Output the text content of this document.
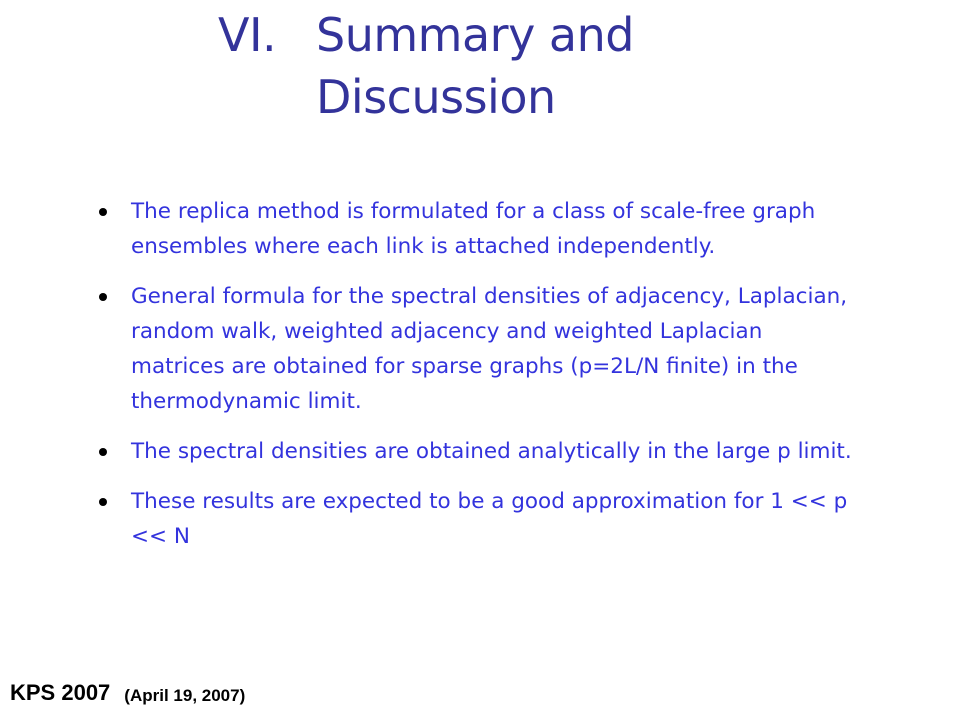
VI. Summary and
Discussion
The replica method is formulated for a class of scale-free graph ensembles where each link is attached independently.
General formula for the spectral densities of adjacency, Laplacian, random walk, weighted adjacency and weighted Laplacian matrices are obtained for sparse graphs (p=2L/N finite) in the thermodynamic limit.
The spectral densities are obtained analytically in the large p limit.
These results are expected to be a good approximation for 1 << p << N
KPS 2007 (April 19, 2007)
